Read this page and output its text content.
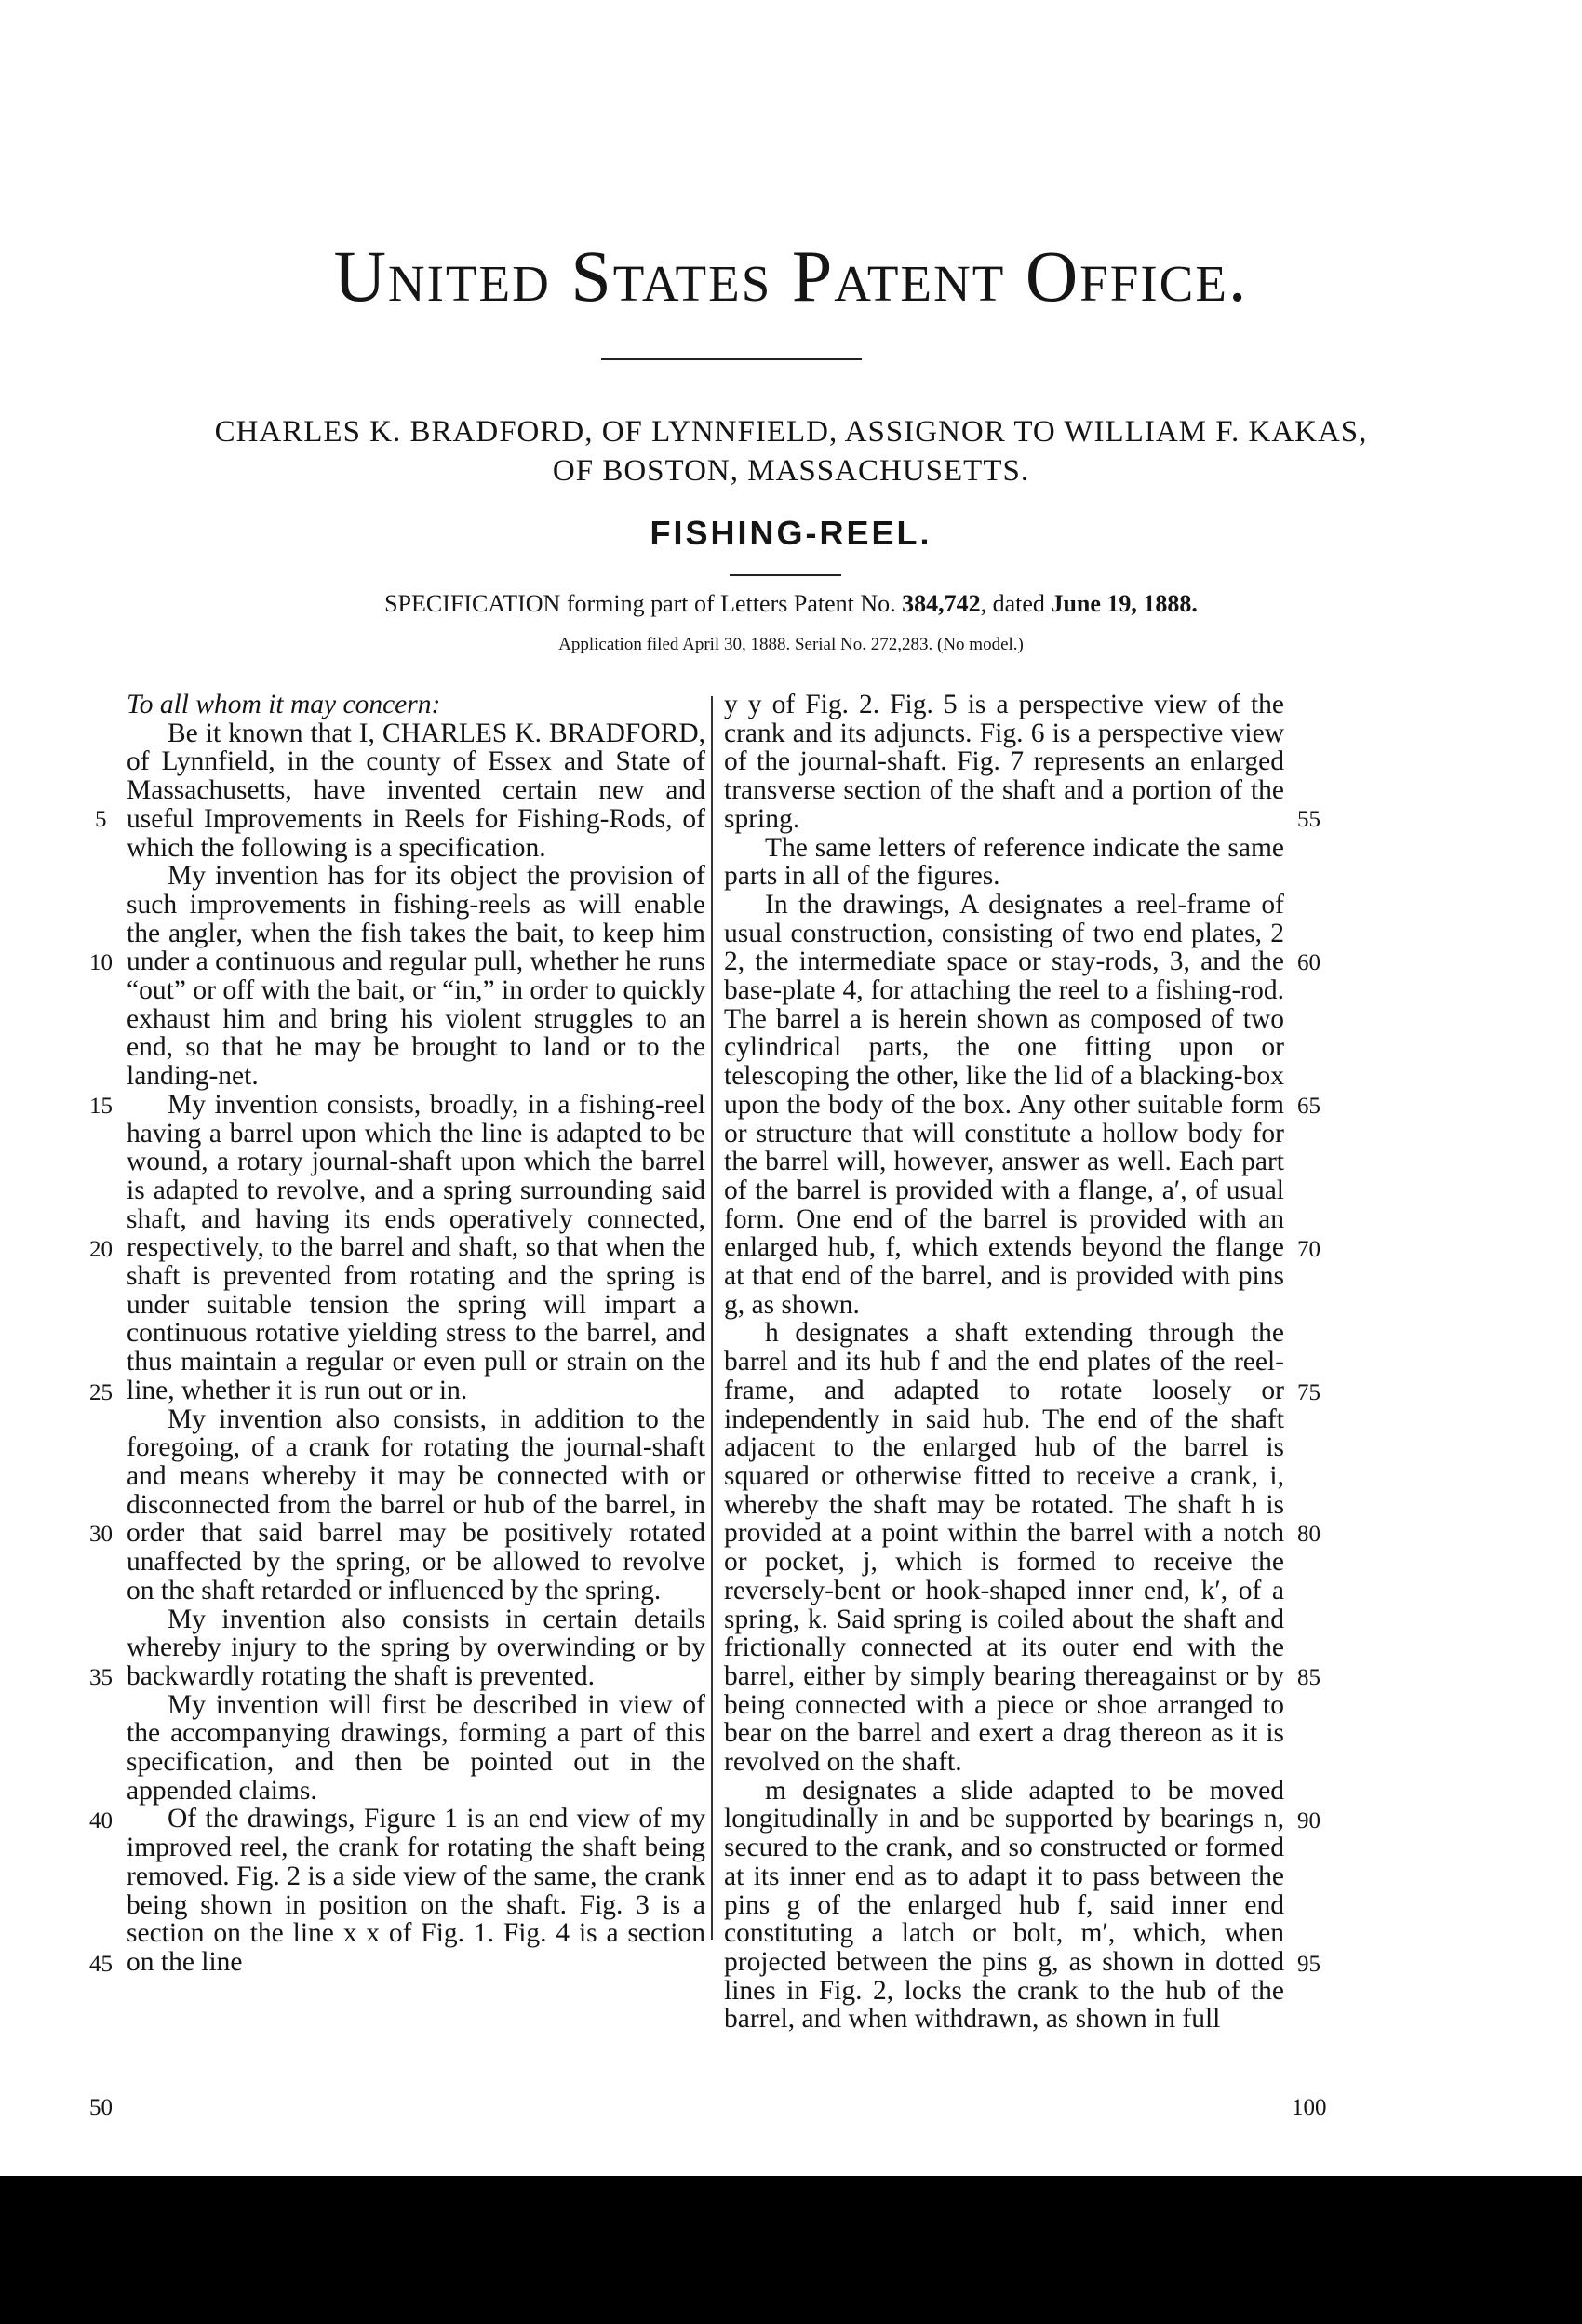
United States Patent Office.
CHARLES K. BRADFORD, OF LYNNFIELD, ASSIGNOR TO WILLIAM F. KAKAS,
OF BOSTON, MASSACHUSETTS.
FISHING-REEL.
SPECIFICATION forming part of Letters Patent No. 384,742, dated June 19, 1888.
Application filed April 30, 1888. Serial No. 272,283. (No model.)

To all whom it may concern:

Be it known that I, CHARLES K. BRADFORD, of Lynnfield, in the county of Essex and State of Massachusetts, have invented certain new and useful Improvements in Reels for Fishing-Rods, of which the following is a specification.

My invention has for its object the provision of such improvements in fishing-reels as will enable the angler, when the fish takes the bait, to keep him under a continuous and regular pull, whether he runs “out” or off with the bait, or “in,” in order to quickly exhaust him and bring his violent struggles to an end, so that he may be brought to land or to the landing-net.

My invention consists, broadly, in a fishing-reel having a barrel upon which the line is adapted to be wound, a rotary journal-shaft upon which the barrel is adapted to revolve, and a spring surrounding said shaft, and having its ends operatively connected, respectively, to the barrel and shaft, so that when the shaft is prevented from rotating and the spring is under suitable tension the spring will impart a continuous rotative yielding stress to the barrel, and thus maintain a regular or even pull or strain on the line, whether it is run out or in.

My invention also consists, in addition to the foregoing, of a crank for rotating the journal-shaft and means whereby it may be connected with or disconnected from the barrel or hub of the barrel, in order that said barrel may be positively rotated unaffected by the spring, or be allowed to revolve on the shaft retarded or influenced by the spring.

My invention also consists in certain details whereby injury to the spring by overwinding or by backwardly rotating the shaft is prevented.

My invention will first be described in view of the accompanying drawings, forming a part of this specification, and then be pointed out in the appended claims.

Of the drawings, Figure 1 is an end view of my improved reel, the crank for rotating the shaft being removed. Fig. 2 is a side view of the same, the crank being shown in position on the shaft. Fig. 3 is a section on the line x x of Fig. 1. Fig. 4 is a section on the line

y y of Fig. 2. Fig. 5 is a perspective view of the crank and its adjuncts. Fig. 6 is a perspective view of the journal-shaft. Fig. 7 represents an enlarged transverse section of the shaft and a portion of the spring.

The same letters of reference indicate the same parts in all of the figures.

In the drawings, A designates a reel-frame of usual construction, consisting of two end plates, 2 2, the intermediate space or stay-rods, 3, and the base-plate 4, for attaching the reel to a fishing-rod. The barrel a is herein shown as composed of two cylindrical parts, the one fitting upon or telescoping the other, like the lid of a blacking-box upon the body of the box. Any other suitable form or structure that will constitute a hollow body for the barrel will, however, answer as well. Each part of the barrel is provided with a flange, a′, of usual form. One end of the barrel is provided with an enlarged hub, f, which extends beyond the flange at that end of the barrel, and is provided with pins g, as shown.

h designates a shaft extending through the barrel and its hub f and the end plates of the reel-frame, and adapted to rotate loosely or independently in said hub. The end of the shaft adjacent to the enlarged hub of the barrel is squared or otherwise fitted to receive a crank, i, whereby the shaft may be rotated. The shaft h is provided at a point within the barrel with a notch or pocket, j, which is formed to receive the reversely-bent or hook-shaped inner end, k′, of a spring, k. Said spring is coiled about the shaft and frictionally connected at its outer end with the barrel, either by simply bearing thereagainst or by being connected with a piece or shoe arranged to bear on the barrel and exert a drag thereon as it is revolved on the shaft.

m designates a slide adapted to be moved longitudinally in and be supported by bearings n, secured to the crank, and so constructed or formed at its inner end as to adapt it to pass between the pins g of the enlarged hub f, said inner end constituting a latch or bolt, m′, which, when projected between the pins g, as shown in dotted lines in Fig. 2, locks the crank to the hub of the barrel, and when withdrawn, as shown in full

5
10
15
20
25
30
35
40
45
50
55
60
65
70
75
80
85
90
95
100
